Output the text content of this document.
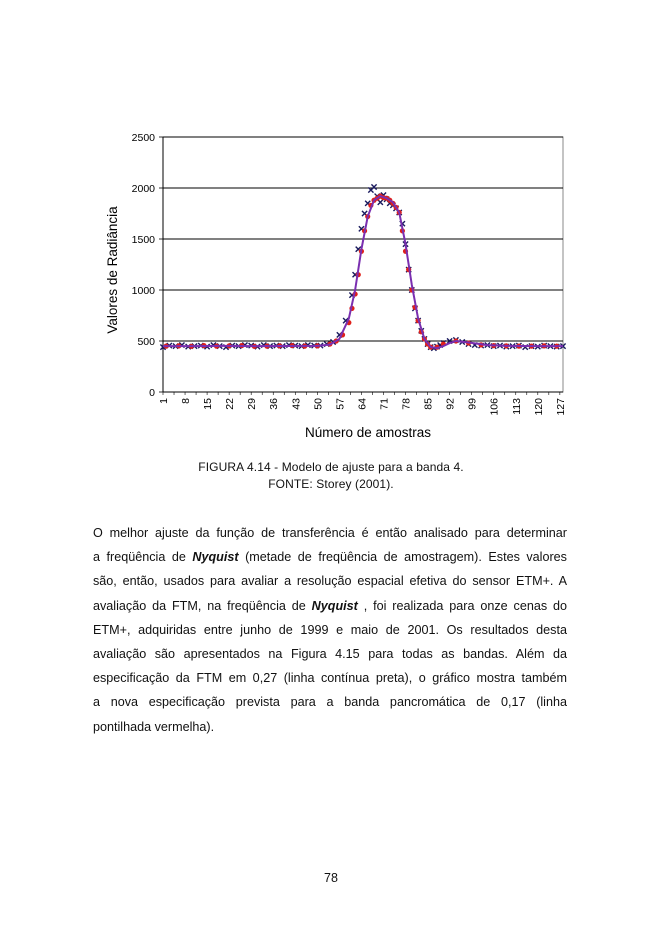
0
500
1000
1500
2000
2500
1 8 15 22 29 36 43 50 57 64 71 78 85 92 99 106 113 120 127
Número de amostras
Valores de Radiância
FIGURA 4.14 - Modelo de ajuste para a banda 4.
FONTE: Storey (2001).
O melhor ajuste da função de transferência é então analisado para determinar
a freqüência de Nyquist (metade de freqüência de amostragem). Estes valores
são, então, usados para avaliar a resolução espacial efetiva do sensor ETM+. A
avaliação da FTM, na freqüência de Nyquist , foi realizada para onze cenas do
ETM+, adquiridas entre junho de 1999 e maio de 2001. Os resultados desta
avaliação são apresentados na Figura 4.15 para todas as bandas. Além da
especificação da FTM em 0,27 (linha contínua preta), o gráfico mostra também
a nova especificação prevista para a banda pancromática de 0,17 (linha
pontilhada vermelha).
78
